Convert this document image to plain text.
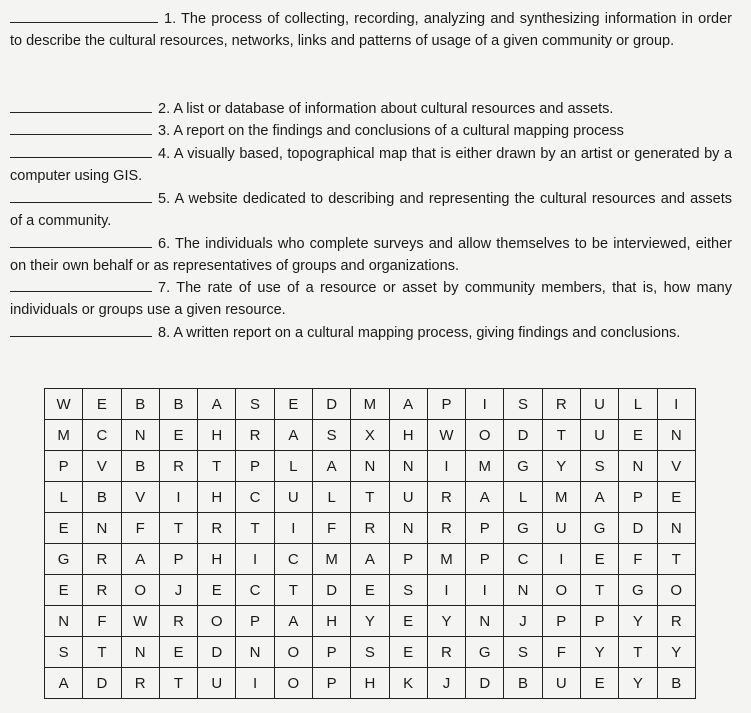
1. The process of collecting, recording, analyzing and synthesizing information in order to describe the cultural resources, networks, links and patterns of usage of a given community or group.
2. A list or database of information about cultural resources and assets.
3. A report on the findings and conclusions of a cultural mapping process
4. A visually based, topographical map that is either drawn by an artist or generated by a computer using GIS.
5. A website dedicated to describing and representing the cultural resources and assets of a community.
6. The individuals who complete surveys and allow themselves to be interviewed, either on their own behalf or as representatives of groups and organizations.
7. The rate of use of a resource or asset by community members, that is, how many individuals or groups use a given resource.
8. A written report on a cultural mapping process, giving findings and conclusions.
W	E	B	B	A	S	E	D	M	A	P	I	S	R	U	L	I
M	C	N	E	H	R	A	S	X	H	W	O	D	T	U	E	N
P	V	B	R	T	P	L	A	N	N	I	M	G	Y	S	N	V
L	B	V	I	H	C	U	L	T	U	R	A	L	M	A	P	E
E	N	F	T	R	T	I	F	R	N	R	P	G	U	G	D	N
G	R	A	P	H	I	C	M	A	P	M	P	C	I	E	F	T
E	R	O	J	E	C	T	D	E	S	I	I	N	O	T	G	O
N	F	W	R	O	P	A	H	Y	E	Y	N	J	P	P	Y	R
S	T	N	E	D	N	O	P	S	E	R	G	S	F	Y	T	Y
A	D	R	T	U	I	O	P	H	K	J	D	B	U	E	Y	B
